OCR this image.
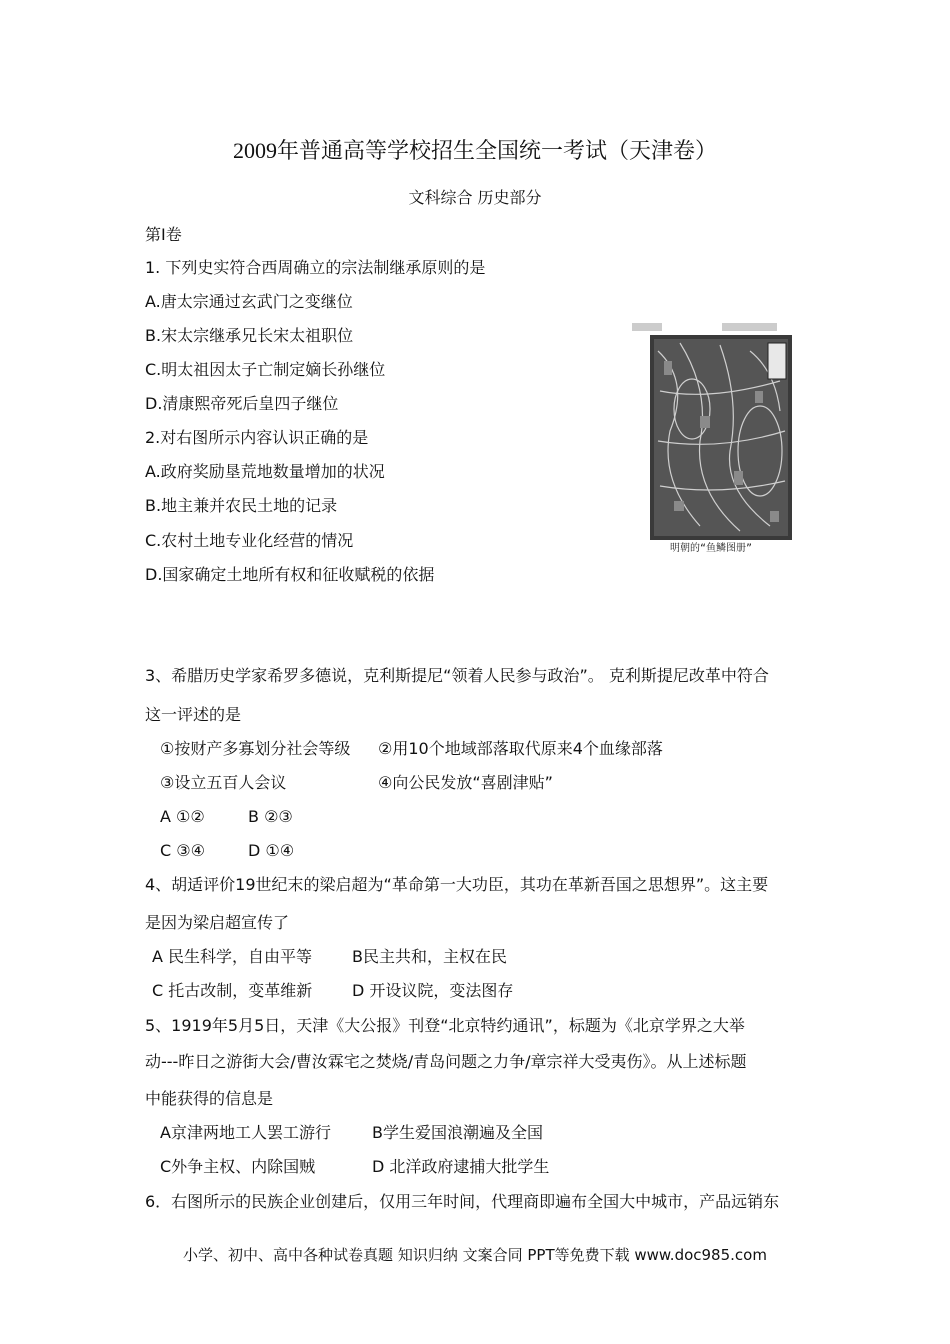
2009年普通高等学校招生全国统一考试（天津卷）
文科综合 历史部分
第Ⅰ卷
1. 下列史实符合西周确立的宗法制继承原则的是
A.唐太宗通过玄武门之变继位
B.宋太宗继承兄长宋太祖职位
C.明太祖因太子亡制定嫡长孙继位
D.清康熙帝死后皇四子继位
2.对右图所示内容认识正确的是
A.政府奖励垦荒地数量增加的状况
B.地主兼并农民土地的记录
C.农村土地专业化经营的情况
D.国家确定土地所有权和征收赋税的依据
明朝的“鱼鳞图册”
3、希腊历史学家希罗多德说，克利斯提尼“领着人民参与政治”。 克利斯提尼改革中符合
这一评述的是
①按财产多寡划分社会等级 ②用10个地域部落取代原来4个血缘部落
③设立五百人会议	④向公民发放“喜剧津贴”
A ①②	B ②③
C ③④	D ①④
4、胡适评价19世纪末的梁启超为“革命第一大功臣，其功在革新吾国之思想界”。这主要
是因为梁启超宣传了
A 民生科学，自由平等 B民主共和，主权在民
C 托古改制，变革维新 D 开设议院，变法图存
5、1919年5月5日，天津《大公报》刊登“北京特约通讯”，标题为《北京学界之大举
动---昨日之游街大会/曹汝霖宅之焚烧/青岛问题之力争/章宗祥大受夷伤》。从上述标题
中能获得的信息是
A京津两地工人罢工游行	B学生爱国浪潮遍及全国
C外争主权、内除国贼	D 北洋政府逮捕大批学生
6．右图所示的民族企业创建后，仅用三年时间，代理商即遍布全国大中城市，产品远销东
小学、初中、高中各种试卷真题 知识归纳 文案合同 PPT等免费下载 www.doc985.com
